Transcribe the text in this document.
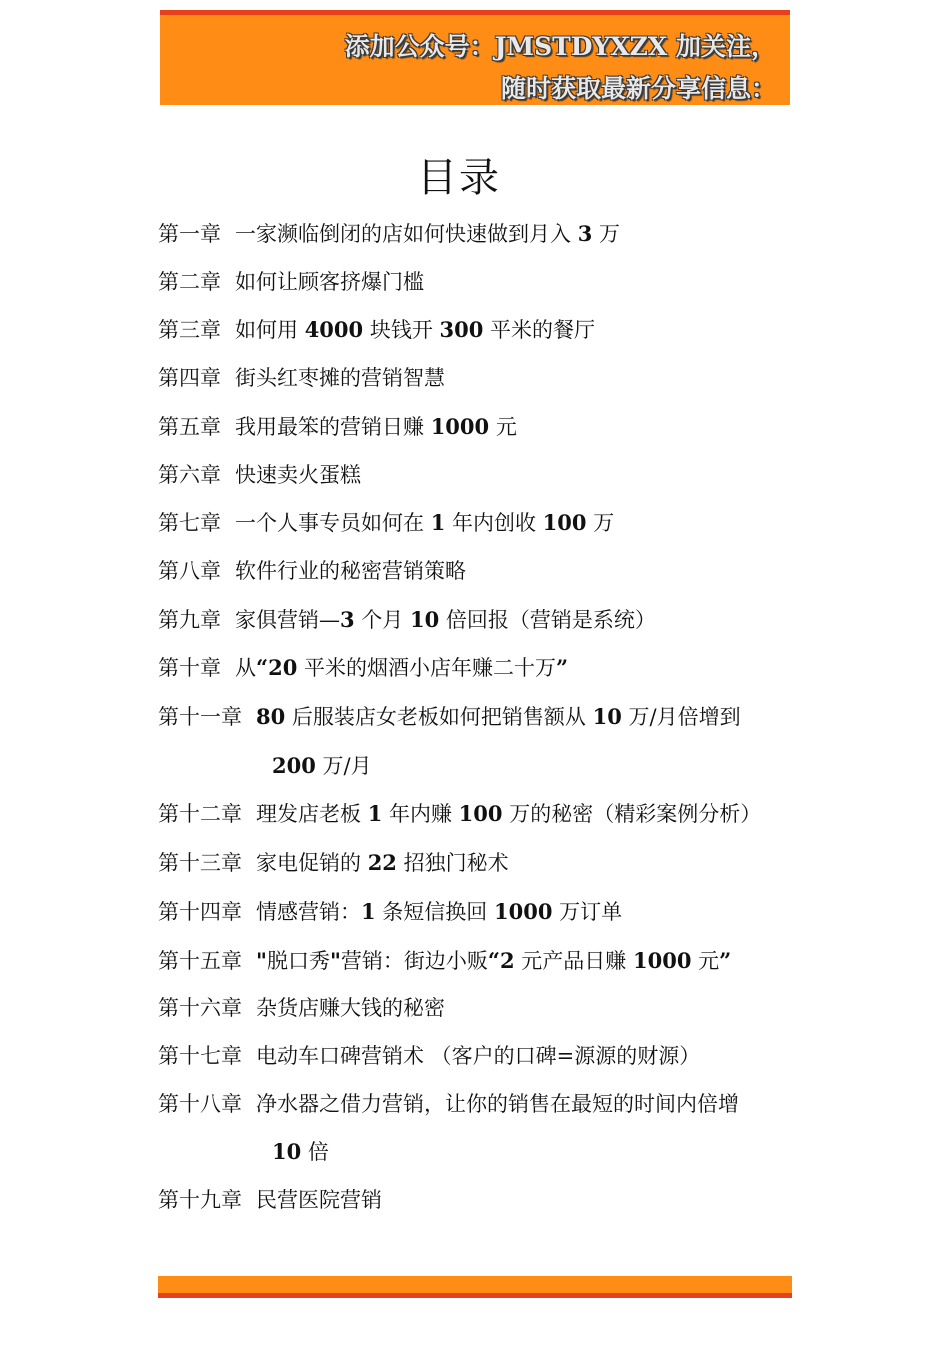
添加公众号：JMSTDYXZX 加关注，
随时获取最新分享信息：
目录
第一章 一家濒临倒闭的店如何快速做到月入 3 万
第二章 如何让顾客挤爆门槛
第三章 如何用 4000 块钱开 300 平米的餐厅
第四章 街头红枣摊的营销智慧
第五章 我用最笨的营销日赚 1000 元
第六章 快速卖火蛋糕
第七章 一个人事专员如何在 1 年内创收 100 万
第八章 软件行业的秘密营销策略
第九章 家俱营销—3 个月 10 倍回报（营销是系统）
第十章 从“20 平米的烟酒小店年赚二十万”
第十一章 80 后服装店女老板如何把销售额从 10 万/月倍增到
200 万/月
第十二章 理发店老板 1 年内赚 100 万的秘密（精彩案例分析）
第十三章 家电促销的 22 招独门秘术
第十四章 情感营销：1 条短信换回 1000 万订单
第十五章 "脱口秀"营销：街边小贩“2 元产品日赚 1000 元”
第十六章 杂货店赚大钱的秘密
第十七章 电动车口碑营销术 （客户的口碑=源源的财源）
第十八章 净水器之借力营销，让你的销售在最短的时间内倍增
10 倍
第十九章 民营医院营销
